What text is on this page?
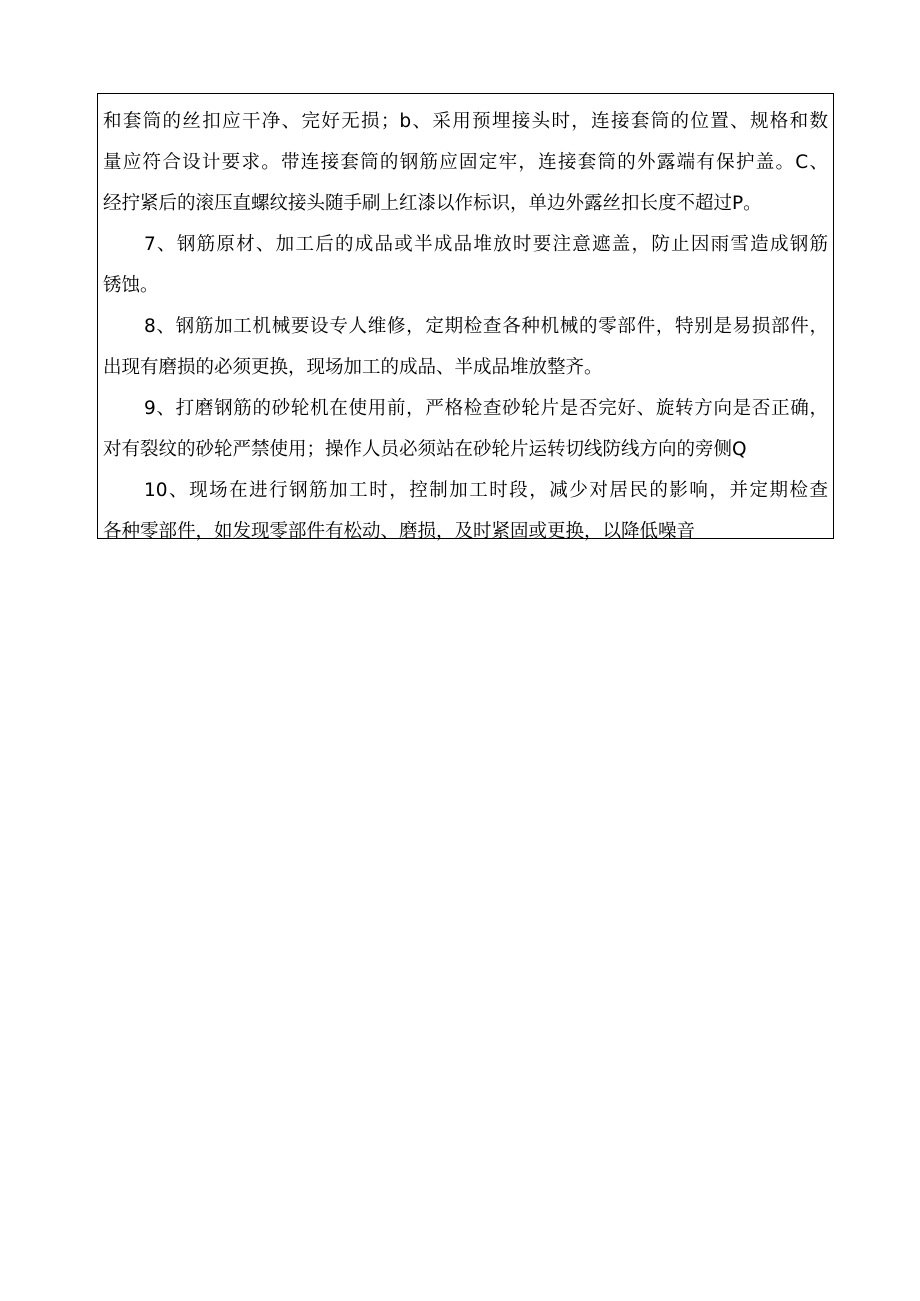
和套筒的丝扣应干净、完好无损；b、采用预埋接头时，连接套筒的位置、规格和数
量应符合设计要求。带连接套筒的钢筋应固定牢，连接套筒的外露端有保护盖。C、
经拧紧后的滚压直螺纹接头随手刷上红漆以作标识，单边外露丝扣长度不超过P。
7、钢筋原材、加工后的成品或半成品堆放时要注意遮盖，防止因雨雪造成钢筋
锈蚀。
8、钢筋加工机械要设专人维修，定期检查各种机械的零部件，特别是易损部件，
出现有磨损的必须更换，现场加工的成品、半成品堆放整齐。
9、打磨钢筋的砂轮机在使用前，严格检查砂轮片是否完好、旋转方向是否正确，
对有裂纹的砂轮严禁使用；操作人员必须站在砂轮片运转切线防线方向的旁侧Q
10、现场在进行钢筋加工时，控制加工时段，减少对居民的影响，并定期检查
各种零部件，如发现零部件有松动、磨损，及时紧固或更换，以降低噪音
